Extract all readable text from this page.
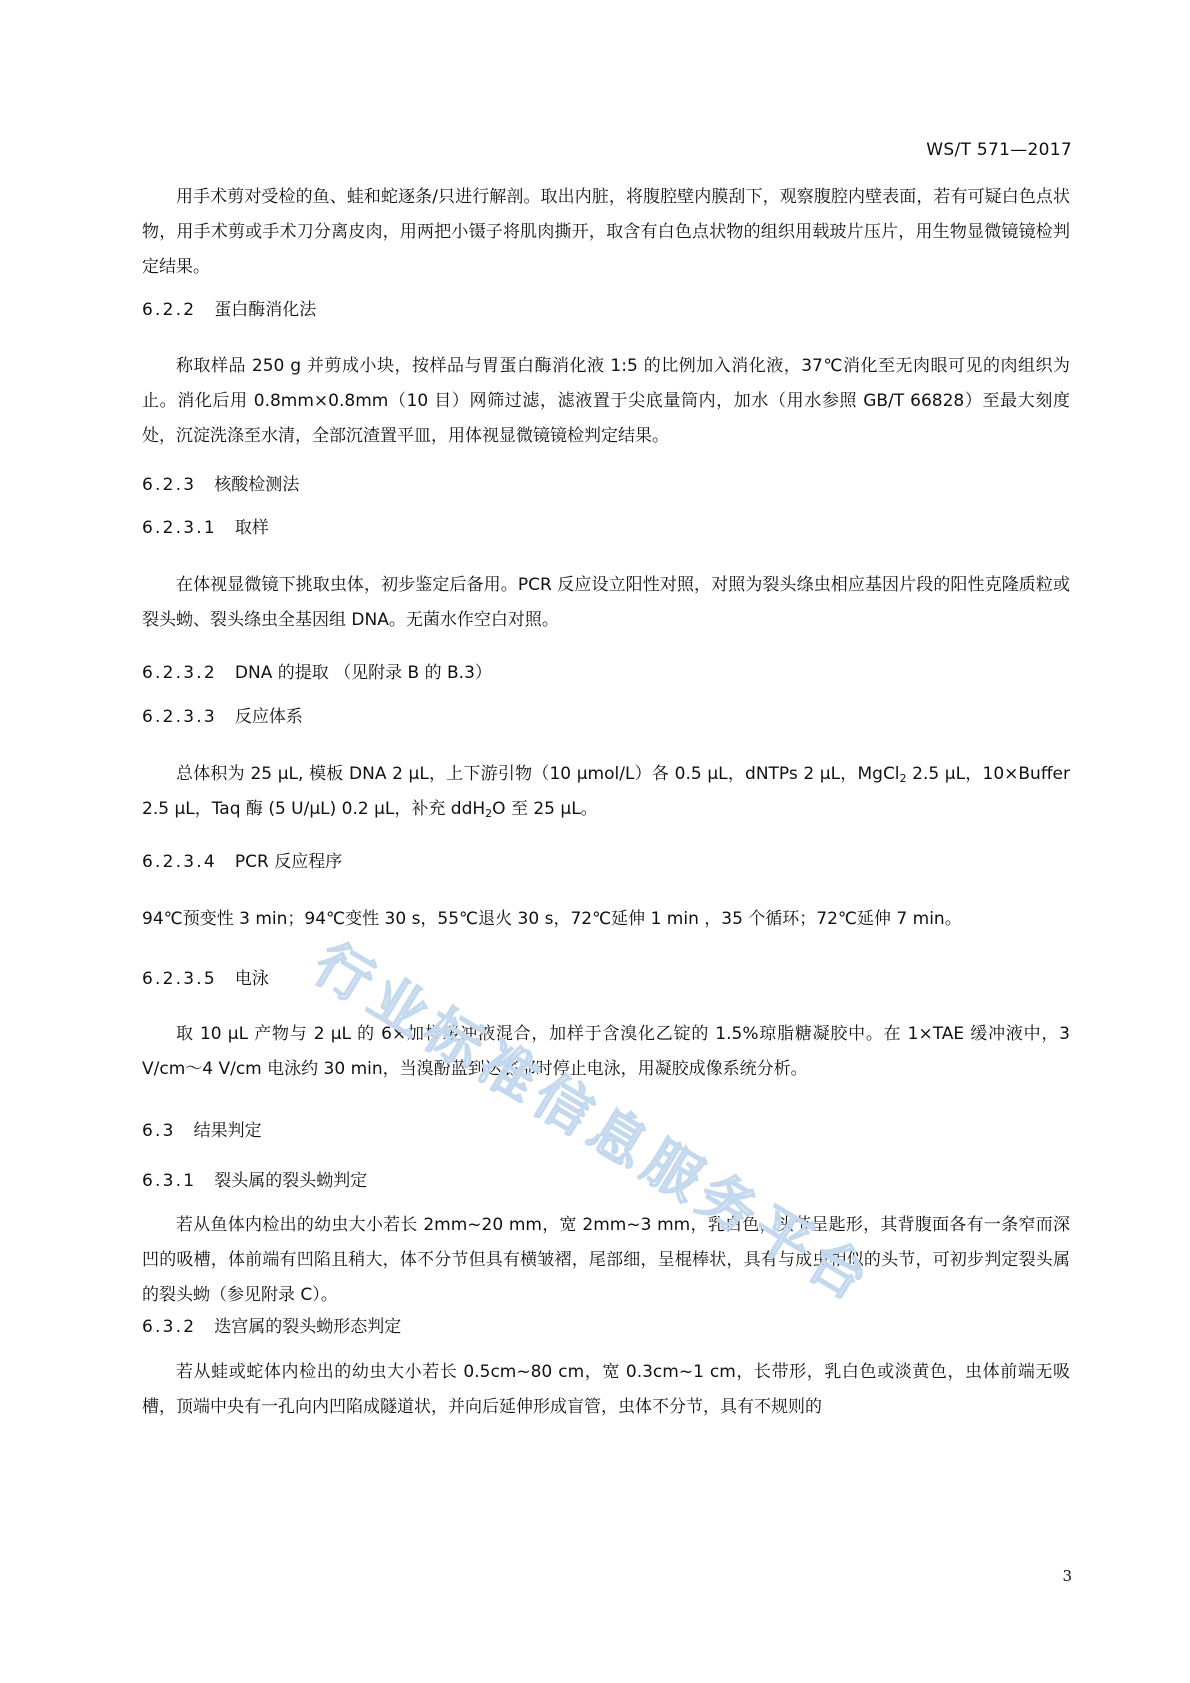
WS/T 571—2017

用手术剪对受检的鱼、蛙和蛇逐条/只进行解剖。取出内脏，将腹腔壁内膜刮下，观察腹腔内壁表面，若有可疑白色点状物，用手术剪或手术刀分离皮肉，用两把小镊子将肌肉撕开，取含有白色点状物的组织用载玻片压片，用生物显微镜镜检判定结果。

6.2.2 蛋白酶消化法

称取样品 250 g 并剪成小块，按样品与胃蛋白酶消化液 1:5 的比例加入消化液，37℃消化至无肉眼可见的肉组织为止。消化后用 0.8mm×0.8mm（10 目）网筛过滤，滤液置于尖底量筒内，加水（用水参照 GB/T 66828）至最大刻度处，沉淀洗涤至水清，全部沉渣置平皿，用体视显微镜镜检判定结果。

6.2.3 核酸检测法
6.2.3.1 取样

在体视显微镜下挑取虫体，初步鉴定后备用。PCR 反应设立阳性对照，对照为裂头绦虫相应基因片段的阳性克隆质粒或裂头蚴、裂头绦虫全基因组 DNA。无菌水作空白对照。

6.2.3.2 DNA 的提取 （见附录 B 的 B.3）
6.2.3.3 反应体系

总体积为 25 μL, 模板 DNA 2 μL，上下游引物（10 μmol/L）各 0.5 μL，dNTPs 2 μL，MgCl$_2$ 2.5 μL，10×Buffer 2.5 μL，Taq 酶 (5 U/μL) 0.2 μL，补充 ddH$_2$O 至 25 μL。

6.2.3.4 PCR 反应程序

94℃预变性 3 min；94℃变性 30 s，55℃退火 30 s，72℃延伸 1 min ，35 个循环；72℃延伸 7 min。

6.2.3.5 电泳

取 10 μL 产物与 2 μL 的 6×加样缓冲液混合，加样于含溴化乙锭的 1.5%琼脂糖凝胶中。在 1×TAE 缓冲液中，3 V/cm～4 V/cm 电泳约 30 min，当溴酚蓝到达底部时停止电泳，用凝胶成像系统分析。

6.3 结果判定
6.3.1 裂头属的裂头蚴判定

若从鱼体内检出的幼虫大小若长 2mm~20 mm，宽 2mm~3 mm，乳白色，头节呈匙形，其背腹面各有一条窄而深凹的吸槽，体前端有凹陷且稍大，体不分节但具有横皱褶，尾部细，呈棍棒状，具有与成虫相似的头节，可初步判定裂头属的裂头蚴（参见附录 C）。

6.3.2 迭宫属的裂头蚴形态判定

若从蛙或蛇体内检出的幼虫大小若长 0.5cm~80 cm，宽 0.3cm~1 cm，长带形，乳白色或淡黄色，虫体前端无吸槽，顶端中央有一孔向内凹陷成隧道状，并向后延伸形成盲管，虫体不分节，具有不规则的

3
行
业
标
准
信
息
服
务
平
台
